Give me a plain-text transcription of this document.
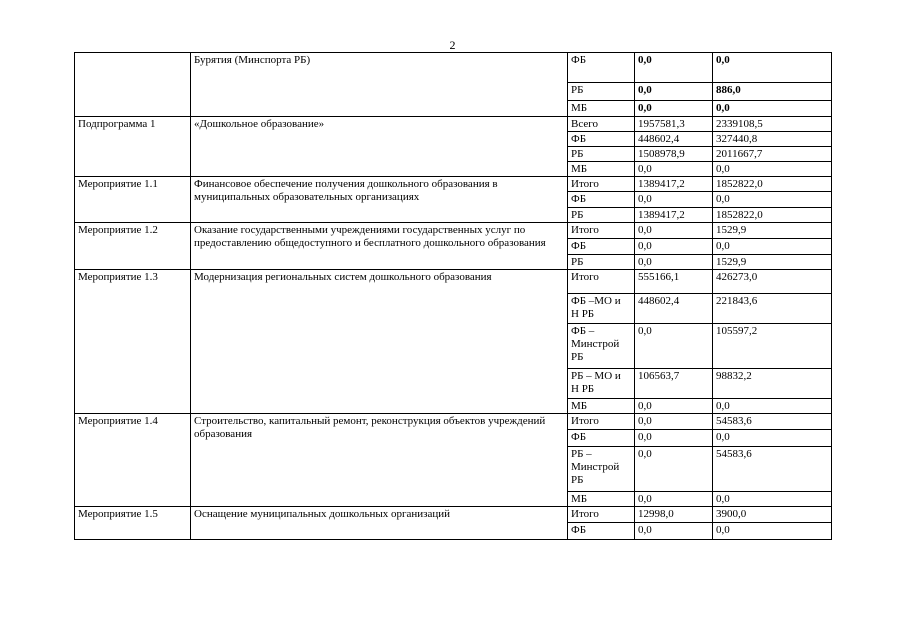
2
	Бурятия (Минспорта РБ)	ФБ	0,0	0,0
		РБ	0,0	886,0
		МБ	0,0	0,0
Подпрограмма 1	«Дошкольное образование»	Всего	1957581,3	2339108,5
		ФБ	448602,4	327440,8
		РБ	1508978,9	2011667,7
		МБ	0,0	0,0
Мероприятие 1.1	Финансовое обеспечение получения дошкольного образования в муниципальных образовательных организациях	Итого	1389417,2	1852822,0
		ФБ	0,0	0,0
		РБ	1389417,2	1852822,0
Мероприятие 1.2	Оказание государственными учреждениями государственных услуг по предоставлению общедоступного и бесплатного дошкольного образования	Итого	0,0	1529,9
		ФБ	0,0	0,0
		РБ	0,0	1529,9
Мероприятие 1.3	Модернизация региональных систем дошкольного образования	Итого	555166,1	426273,0
		ФБ –МО и Н РБ	448602,4	221843,6
		ФБ – Минстрой РБ	0,0	105597,2
		РБ – МО и Н РБ	106563,7	98832,2
		МБ	0,0	0,0
Мероприятие 1.4	Строительство, капитальный ремонт, реконструкция объектов учреждений образования	Итого	0,0	54583,6
		ФБ	0,0	0,0
		РБ – Минстрой РБ	0,0	54583,6
		МБ	0,0	0,0
Мероприятие 1.5	Оснащение муниципальных дошкольных организаций	Итого	12998,0	3900,0
		ФБ	0,0	0,0
